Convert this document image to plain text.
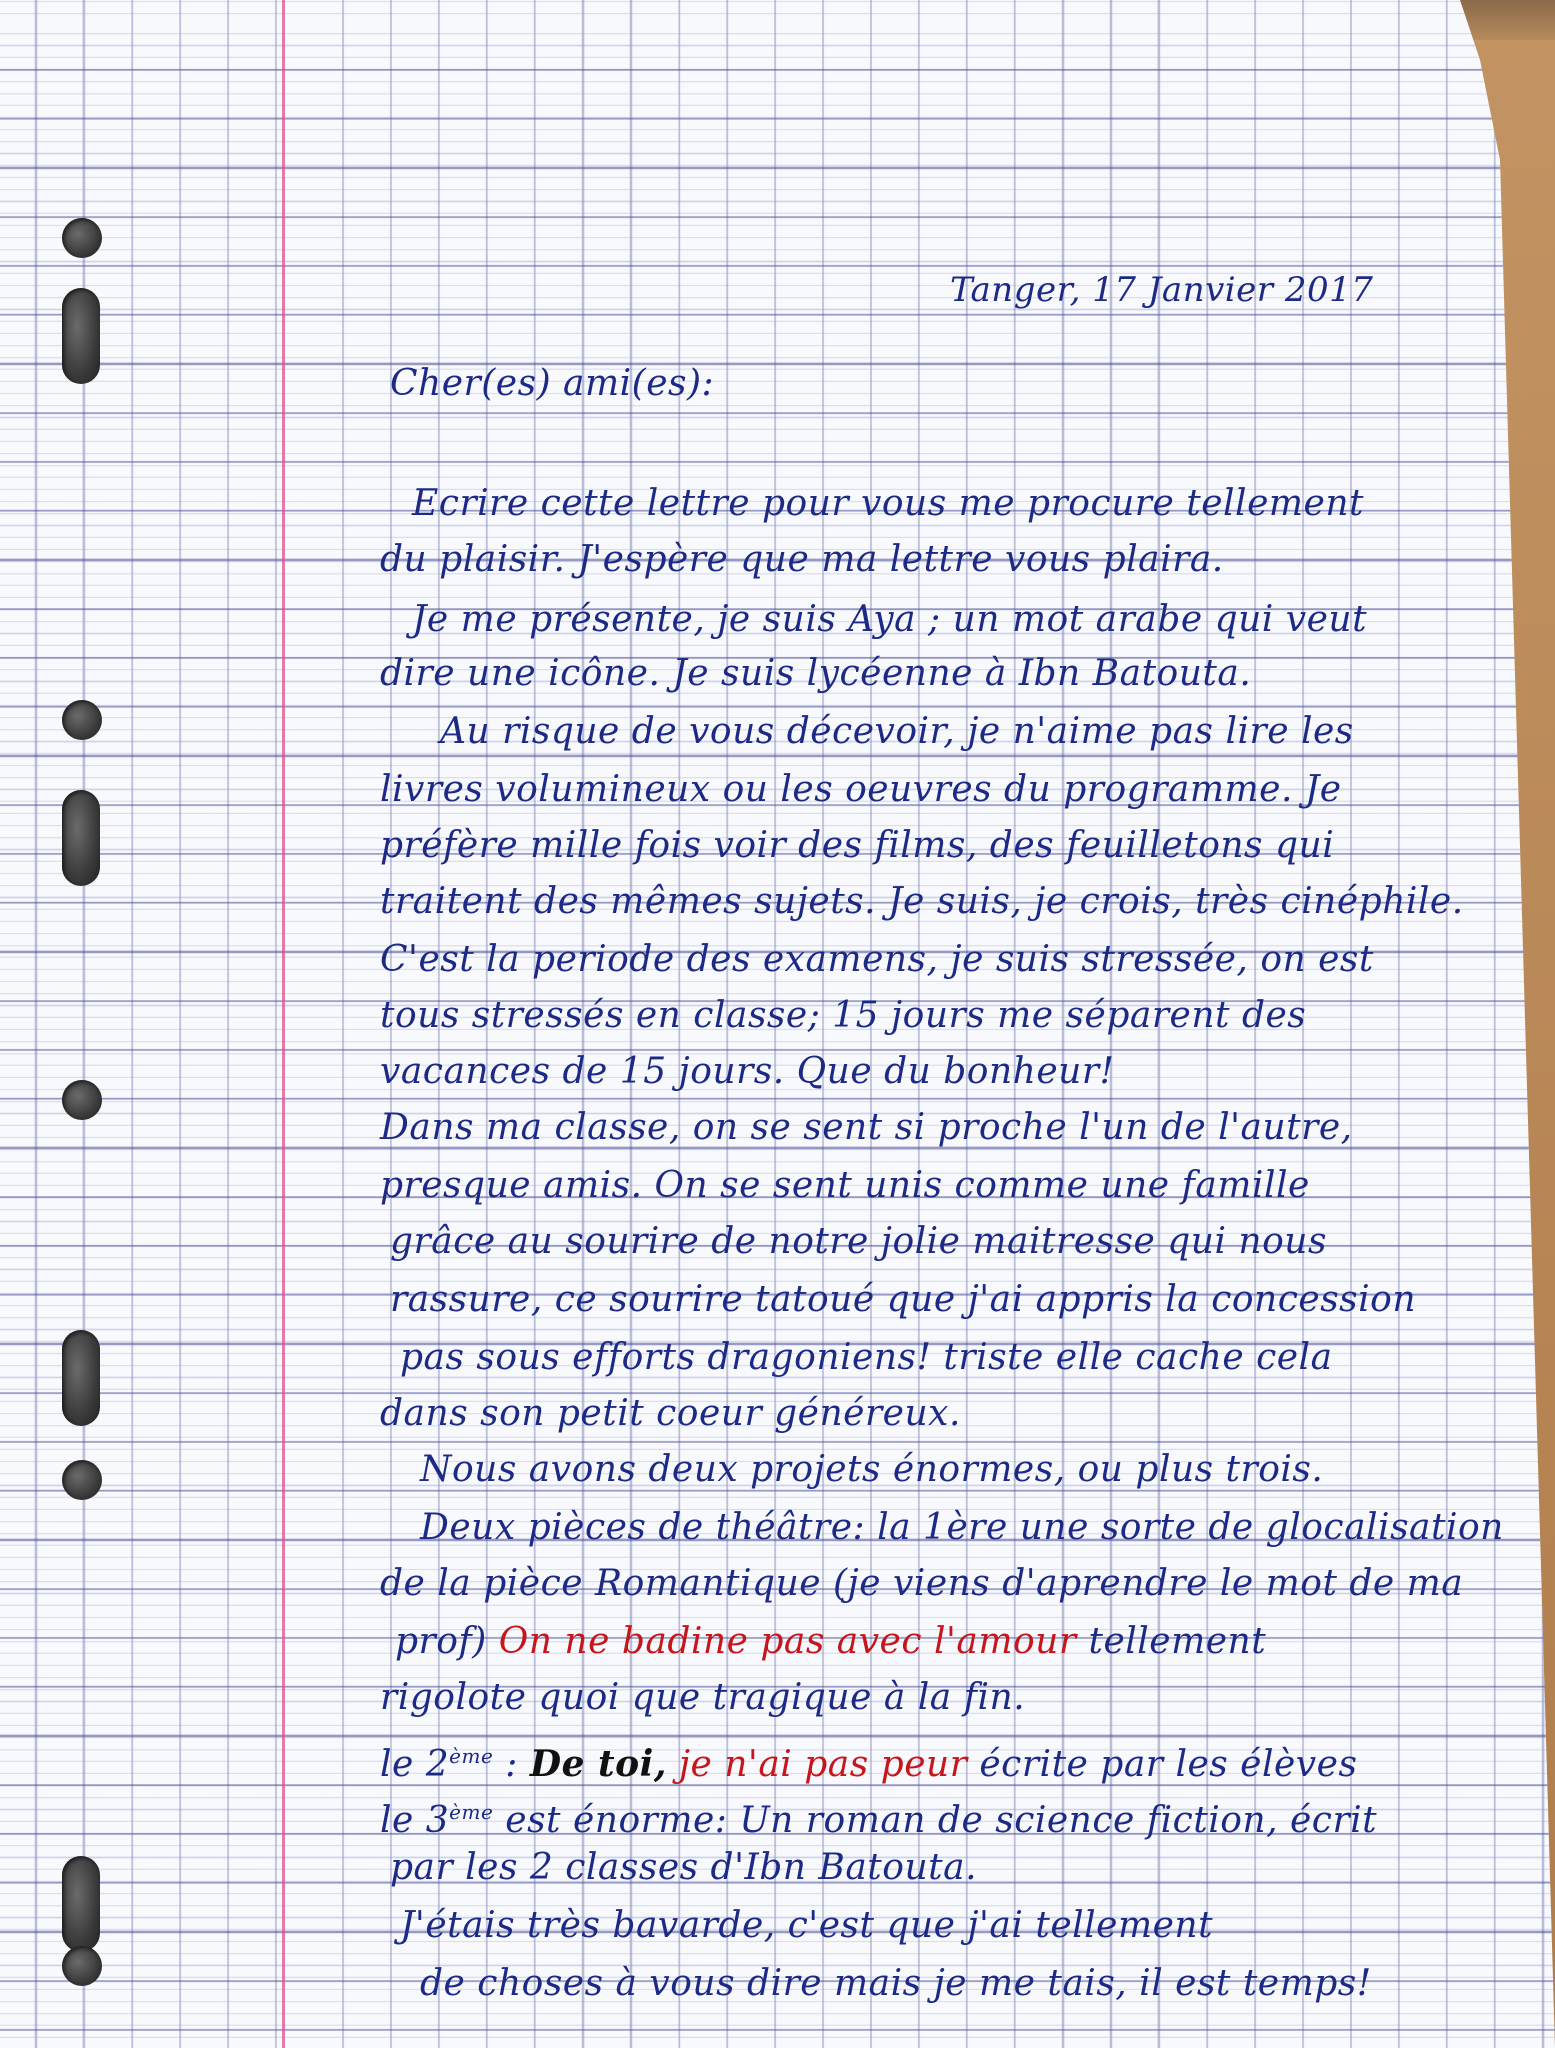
Tanger, 17 Janvier 2017
Cher(es) ami(es):
Ecrire cette lettre pour vous me procure tellement
du plaisir. J'espère que ma lettre vous plaira.
Je me présente, je suis Aya ; un mot arabe qui veut
dire une icône. Je suis lycéenne à Ibn Batouta.
Au risque de vous décevoir, je n'aime pas lire les
livres volumineux ou les oeuvres du programme. Je
préfère mille fois voir des films, des feuilletons qui
traitent des mêmes sujets. Je suis, je crois, très cinéphile.
C'est la periode des examens, je suis stressée, on est
tous stressés en classe; 15 jours me séparent des
vacances de 15 jours. Que du bonheur!
Dans ma classe, on se sent si proche l'un de l'autre,
presque amis. On se sent unis comme une famille
grâce au sourire de notre jolie maitresse qui nous
rassure, ce sourire tatoué que j'ai appris la concession
pas sous efforts dragoniens! triste elle cache cela
dans son petit coeur généreux.
Nous avons deux projets énormes, ou plus trois.
Deux pièces de théâtre: la 1ère une sorte de glocalisation
de la pièce Romantique (je viens d'aprendre le mot de ma
prof) On ne badine pas avec l'amour tellement
rigolote quoi que tragique à la fin.
le 2ème : De toi, je n'ai pas peur écrite par les élèves
le 3ème est énorme: Un roman de science fiction, écrit
par les 2 classes d'Ibn Batouta.
J'étais très bavarde, c'est que j'ai tellement
de choses à vous dire mais je me tais, il est temps!
